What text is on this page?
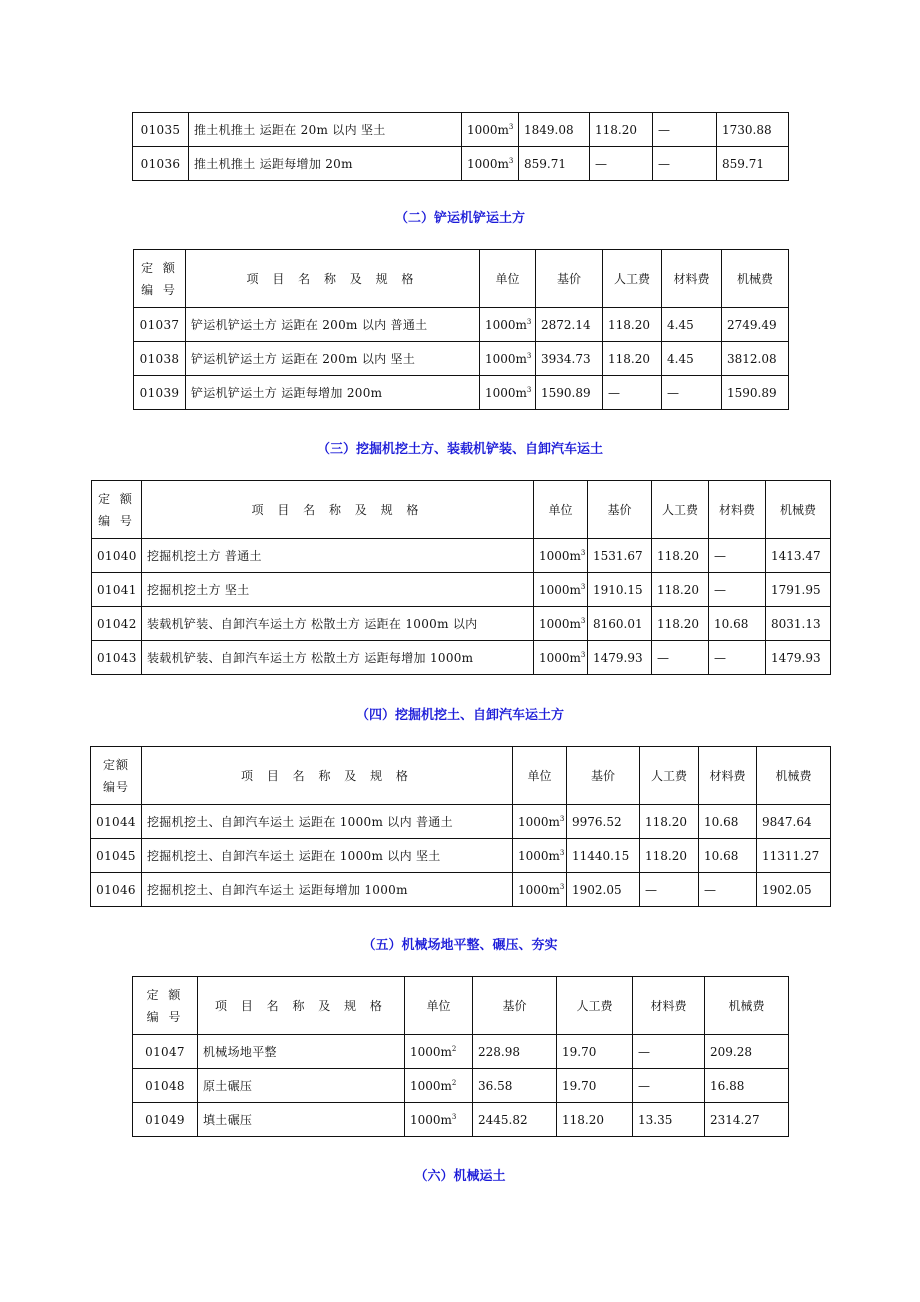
01035	推土机推土 运距在 20m 以内 坚土	$1000m^3$	1849.08	118.20	—	1730.88
01036	推土机推土 运距每增加 20m	$1000m^3$	859.71	—	—	859.71

（二）铲运机铲运土方

定 额
编 号	项 目 名 称 及 规 格	单位	基价	人工费	材料费	机械费
01037	铲运机铲运土方 运距在 200m 以内 普通土	$1000m^3$	2872.14	118.20	4.45	2749.49
01038	铲运机铲运土方 运距在 200m 以内 坚土	$1000m^3$	3934.73	118.20	4.45	3812.08
01039	铲运机铲运土方 运距每增加 200m	$1000m^3$	1590.89	—	—	1590.89

（三）挖掘机挖土方、装载机铲装、自卸汽车运土

定 额
编 号	项 目 名 称 及 规 格	单位	基价	人工费	材料费	机械费
01040	挖掘机挖土方 普通土	$1000m^3$	1531.67	118.20	—	1413.47
01041	挖掘机挖土方 坚土	$1000m^3$	1910.15	118.20	—	1791.95
01042	装载机铲装、自卸汽车运土方 松散土方 运距在 1000m 以内	$1000m^3$	8160.01	118.20	10.68	8031.13
01043	装载机铲装、自卸汽车运土方 松散土方 运距每增加 1000m	$1000m^3$	1479.93	—	—	1479.93

（四）挖掘机挖土、自卸汽车运土方

定额
编号	项 目 名 称 及 规 格	单位	基价	人工费	材料费	机械费
01044	挖掘机挖土、自卸汽车运土 运距在 1000m 以内 普通土	$1000m^3$	9976.52	118.20	10.68	9847.64
01045	挖掘机挖土、自卸汽车运土 运距在 1000m 以内 坚土	$1000m^3$	11440.15	118.20	10.68	11311.27
01046	挖掘机挖土、自卸汽车运土 运距每增加 1000m	$1000m^3$	1902.05	—	—	1902.05

（五）机械场地平整、碾压、夯实

定 额
编 号	项 目 名 称 及 规 格	单位	基价	人工费	材料费	机械费
01047	机械场地平整	$1000m^2$	228.98	19.70	—	209.28
01048	原土碾压	$1000m^2$	36.58	19.70	—	16.88
01049	填土碾压	$1000m^3$	2445.82	118.20	13.35	2314.27

（六）机械运土
